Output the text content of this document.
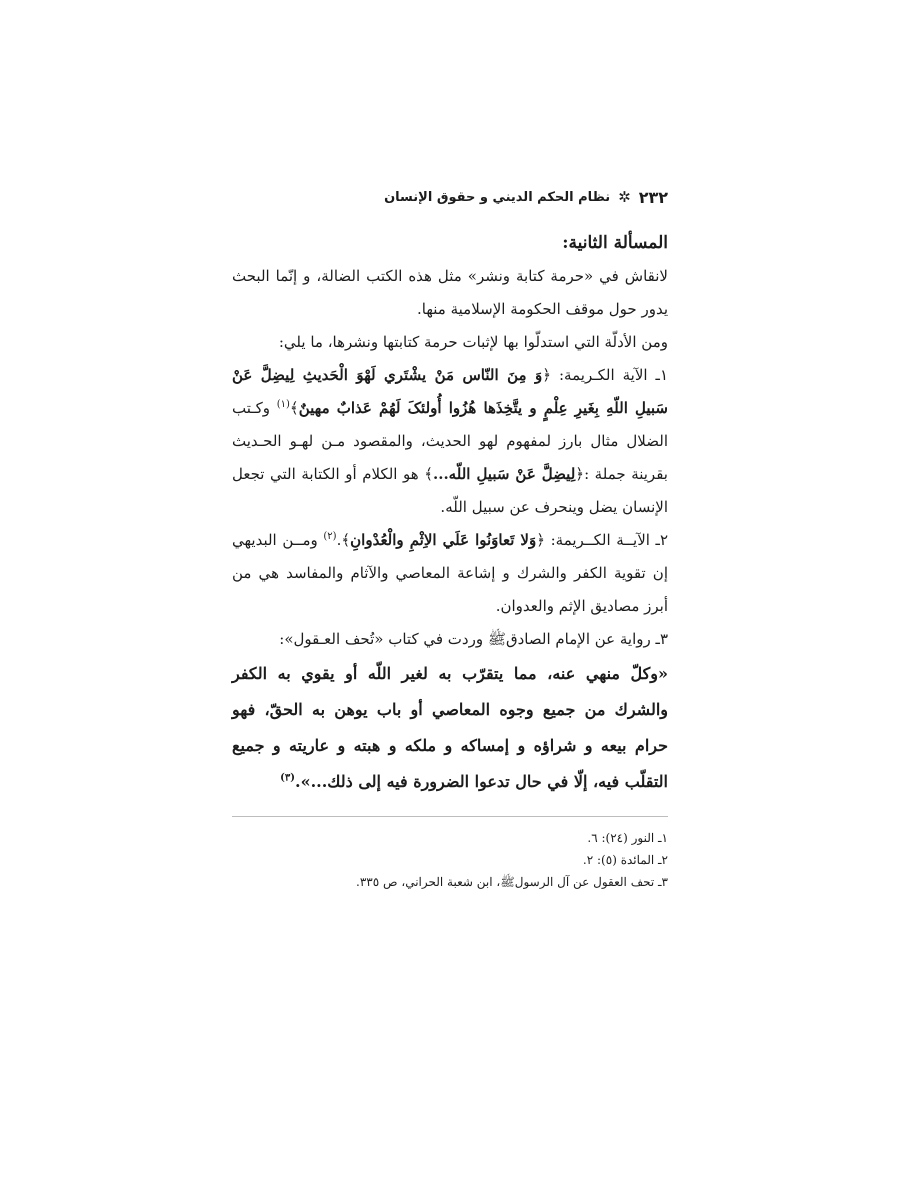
٢٣٢
✲
نظام الحكم الديني و حقوق الإنسان
المسألة الثانية:

لانقاش في «حرمة كتابة ونشر» مثل هذه الكتب الضالة، و إنّما البحث يدور حول موقف الحكومة الإسلامية منها.

ومن الأدلّة التي استدلّوا بها لإثبات حرمة كتابتها ونشرها، ما يلي:

١ـ الآية الكـريمة: ﴿وَ مِنَ النّاس مَنْ يشْتَري لَهْوَ الْحَديثِ لِيضِلَّ عَنْ سَبيلِ اللّهِ بِغَيرِ عِلْمٍ و يتَّخِذَها هُزُوا أُولئکَ لَهُمْ عَذابٌ مهينٌ﴾$^{(١)}$ وكـتب الضلال مثال بارز لمفهوم لهو الحديث، والمقصود مـن لهـو الحـديث بقرينة جملة :﴿لِيضِلَّ عَنْ سَبيلِ اللّه...﴾ هو الكلام أو الكتابة التي تجعل الإنسان يضل وينحرف عن سبيل اللّه.

٢ـ الآيــة الكــريمة: ﴿وَلا تَعاوَنُوا عَلَي الاِثْمِ والْعُدْوانِ﴾.$^{(٢)}$ ومــن البديهي إن تقوية الكفر والشرك و إشاعة المعاصي والآثام والمفاسد هي من أبرز مصاديق الإثم والعدوان.

٣ـ رواية عن الإمام الصادقﷺ وردت في كتاب «تُحف العـقول»:

«وكلّ منهي عنه، مما يتقرّب به لغير اللّه أو يقوي به الكفر والشرك من جميع وجوه المعاصي أو باب يوهن به الحقّ، فهو حرام بيعه و شراؤه و إمساكه و ملكه و هبته و عاريته و جميع التقلّب فيه، إلّا في حال تدعوا الضرورة فيه إلى ذلك...».$^{(٣)}$

١ـ النور (٢٤): ٦.
٢ـ المائدة (٥): ٢.
٣ـ تحف العقول عن آل الرسولﷺ، ابن شعبة الحراني، ص ٣٣٥.
